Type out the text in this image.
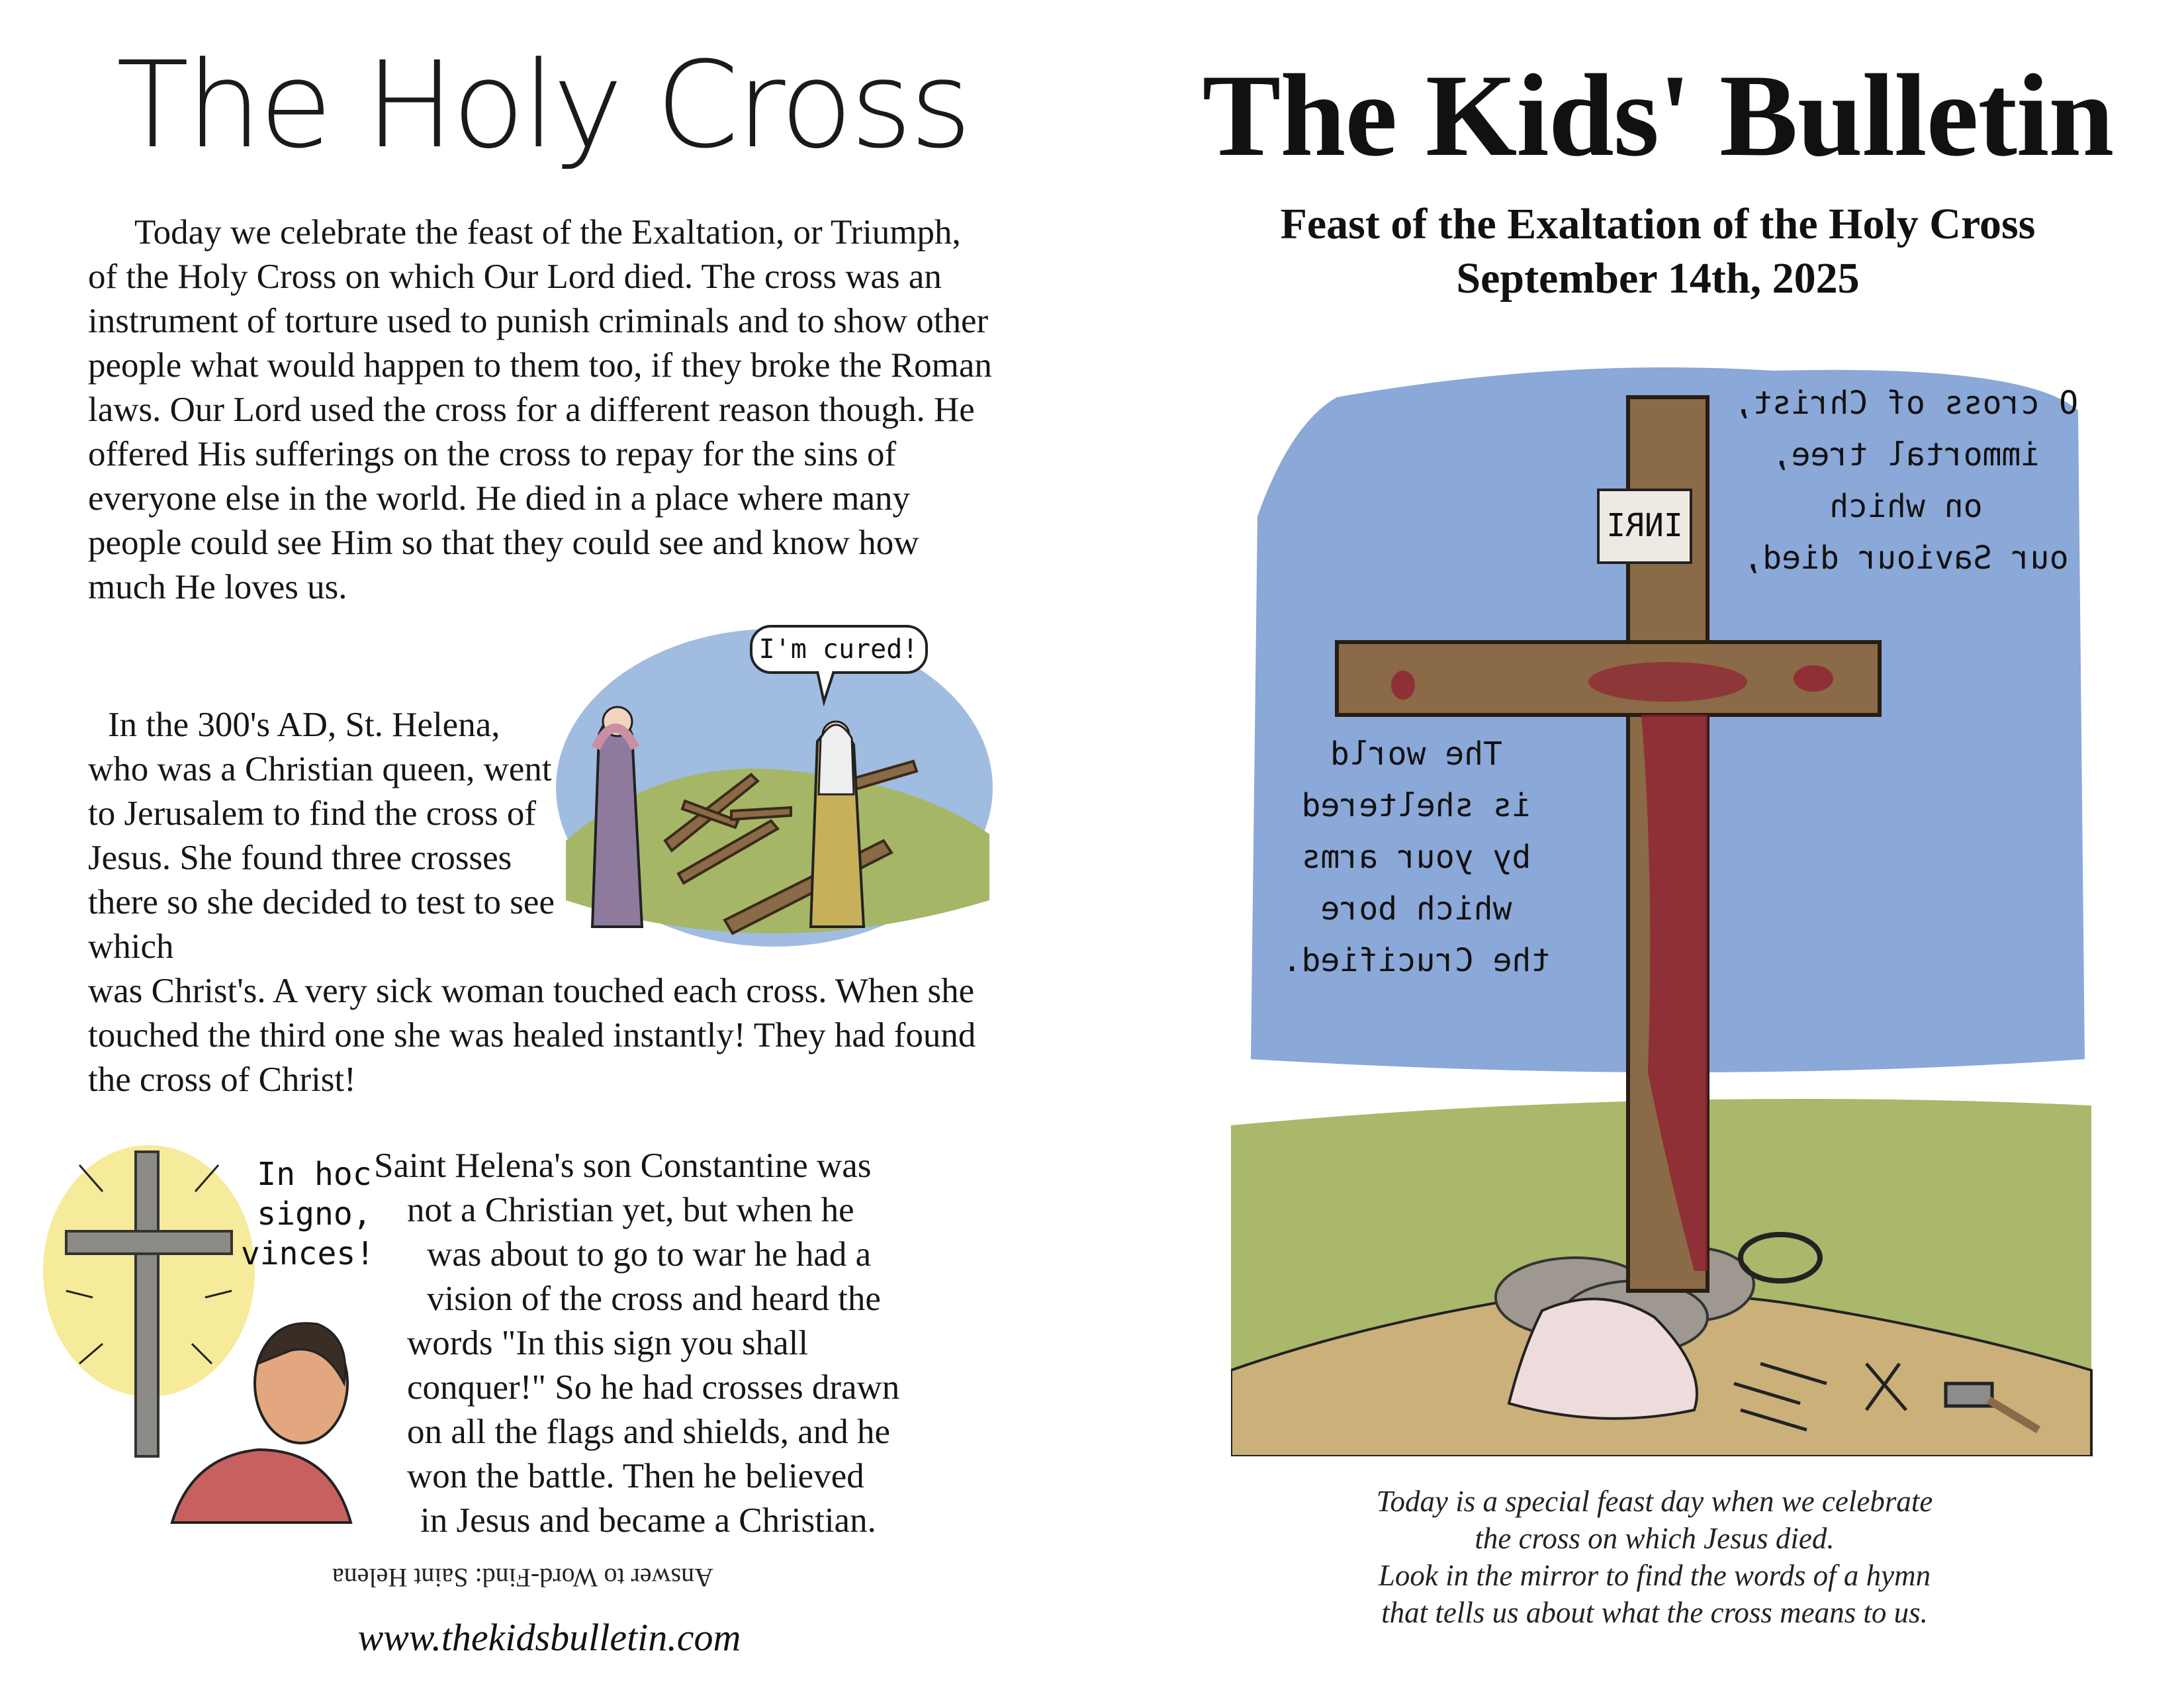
The Holy Cross

Today we celebrate the feast of the Exaltation, or Triumph, of the Holy Cross on which Our Lord died. The cross was an instrument of torture used to punish criminals and to show other people what would happen to them too, if they broke the Roman laws. Our Lord used the cross for a different reason though. He offered His sufferings on the cross to repay for the sins of everyone else in the world. He died in a place where many people could see Him so that they could see and know how much He loves us.

In the 300's AD, St. Helena, who was a Christian queen, went to Jerusalem to find the cross of Jesus. She found three crosses there so she decided to test to see which
was Christ's. A very sick woman touched each cross. When she touched the third one she was healed instantly! They had found the cross of Christ!
I'm cured!
In hoc
signo,
vinces!
Saint Helena's son Constantine was
not a Christian yet, but when he
was about to go to war he had a
vision of the cross and heard the
words "In this sign you shall
conquer!" So he had crosses drawn
on all the flags and shields, and he
won the battle. Then he believed
in Jesus and became a Christian.
Answer to Word-Find: Saint Helena
www.thekidsbulletin.com
The Kids' Bulletin
Feast of the Exaltation of the Holy Cross
September 14th, 2025
INRI
O cross of Christ,
immortal tree,
on which
our Saviour died,
The world
is sheltered
by your arms
which bore
the Crucified.
Today is a special feast day when we celebrate
the cross on which Jesus died.
Look in the mirror to find the words of a hymn
that tells us about what the cross means to us.
